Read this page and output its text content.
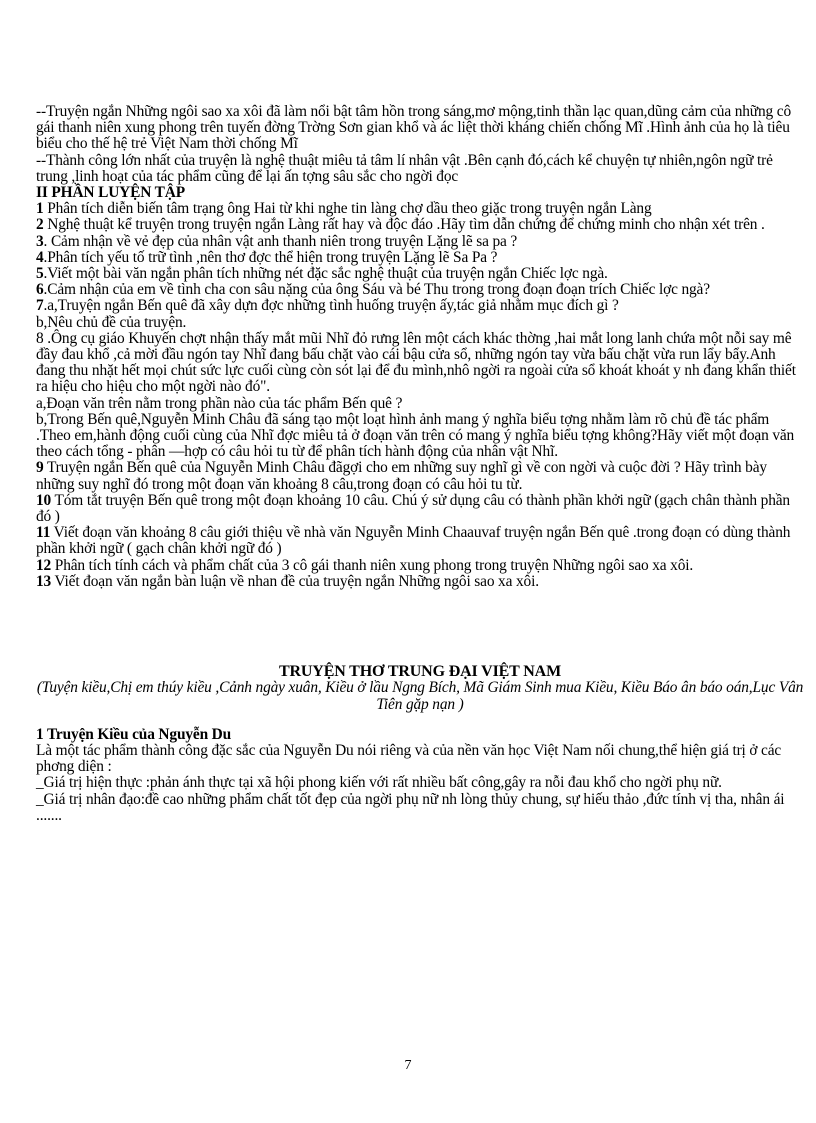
--Truyện ngắn Những ngôi sao xa xôi đã làm nổi bật tâm hồn trong sáng,mơ mộng,tinh thần lạc quan,dũng cảm của những cô gái thanh niên xung phong trên tuyến đờng Trờng Sơn gian khổ và ác liệt thời kháng chiến chống Mĩ .Hình ảnh của họ là tiêu biểu cho thế hệ trẻ Việt Nam thời chống Mĩ

--Thành công lớn nhất của truyện là nghệ thuật miêu tả tâm lí nhân vật .Bên cạnh đó,cách kể chuyện tự nhiên,ngôn ngữ trẻ trung ,linh hoạt của tác phẩm cũng để lại ấn tợng sâu sắc cho ngời đọc

II PHẦN LUYỆN TẬP

1 Phân tích diễn biến tâm trạng ông Hai từ khi nghe tin làng chợ dầu theo giặc trong truyện ngắn Làng

2 Nghệ thuật kể truyện trong truyện ngắn Làng rất hay và độc đáo .Hãy tìm dẫn chứng để chứng minh cho nhận xét trên .

3. Cảm nhận về vẻ đẹp của nhân vật anh thanh niên trong truyện Lặng lẽ sa pa ?

4.Phân tích yếu tố trữ tình ,nên thơ đợc thể hiện trong truyện Lặng lẽ Sa Pa ?

5.Viết một bài văn ngắn phân tích những nét đặc sắc nghệ thuật của truyện ngắn Chiếc lợc ngà.

6.Cảm nhận của em về tình cha con sâu nặng của ông Sáu và bé Thu trong trong đoạn đoạn trích Chiếc lợc ngà?

7.a,Truyện ngắn Bến quê đã xây dựn đợc những tình huống truyện ấy,tác giả nhằm mục đích gì ?

b,Nêu chủ đề của truyện.

8 .Ông cụ giáo Khuyến chợt nhận thấy mắt mũi Nhĩ đỏ rưng lên một cách khác thờng ,hai mắt long lanh chứa một nỗi say mê đầy đau khổ ,cả mời đầu ngón tay Nhĩ đang bấu chặt vào cái bậu cửa sổ, những ngón tay vừa bấu chặt vừa run lẩy bẩy.Anh đang thu nhặt hết mọi chút sức lực cuối cùng còn sót lại để đu mình,nhô ngời ra ngoài cửa sổ khoát khoát y nh đang khẩn thiết ra hiệu cho hiệu cho một ngời nào đó".

a,Đoạn văn trên nằm trong phần nào của tác phẩm Bến quê ?

b,Trong Bến quê,Nguyễn Minh Châu đã sáng tạo một loạt hình ảnh mang ý nghĩa biểu tợng nhằm làm rõ chủ đề tác phẩm .Theo em,hành động cuối cùng của Nhĩ đợc miêu tả ở đoạn văn trên có mang ý nghĩa biểu tợng không?Hãy viết một đoạn văn theo cách tổng - phân —hợp có câu hỏi tu từ để phân tích hành động của nhân vật Nhĩ.

9 Truyện ngắn Bến quê của Nguyễn Minh Châu đãgợi cho em những suy nghĩ gì về con ngời và cuộc đời ? Hãy trình bày những suy nghĩ đó trong một đoạn văn khoảng 8 câu,trong đoạn có câu hỏi tu từ.

10 Tóm tắt truyện Bến quê trong một đoạn khoảng 10 câu. Chú ý sử dụng câu có thành phần khởi ngữ (gạch chân thành phần đó )

11 Viết đoạn văn khoảng 8 câu giới thiệu về nhà văn Nguyễn Minh Chaauvaf truyện ngắn Bến quê .trong đoạn có dùng thành phần khởi ngữ ( gạch chân khởi ngữ đó )

12 Phân tích tính cách và phẩm chất của 3 cô gái thanh niên xung phong trong truyện Những ngôi sao xa xôi.

13 Viết đoạn văn ngắn bàn luận về nhan đề của truyện ngắn Những ngôi sao xa xôi.

TRUYỆN THƠ TRUNG ĐẠI VIỆT NAM

(Tuyện kiều,Chị em thúy kiều ,Cảnh ngày xuân, Kiều ở lầu Ngng Bích, Mã Giám Sinh mua Kiều, Kiều Báo ân báo oán,Lục Vân Tiên gặp nạn )

1 Truyện Kiều của Nguyễn Du

Là một tác phẩm thành công đặc sắc của Nguyễn Du nói riêng và của nền văn học Việt Nam nối chung,thể hiện giá trị ở các phơng diện :

_Giá trị hiện thực :phản ánh thực tại xã hội phong kiến với rất nhiều bất công,gây ra nỗi đau khổ cho ngời phụ nữ.

_Giá trị nhân đạo:đề cao những phẩm chất tốt đẹp của ngời phụ nữ nh lòng thủy chung, sự hiếu thảo ,đức tính vị tha, nhân ái .......

7
